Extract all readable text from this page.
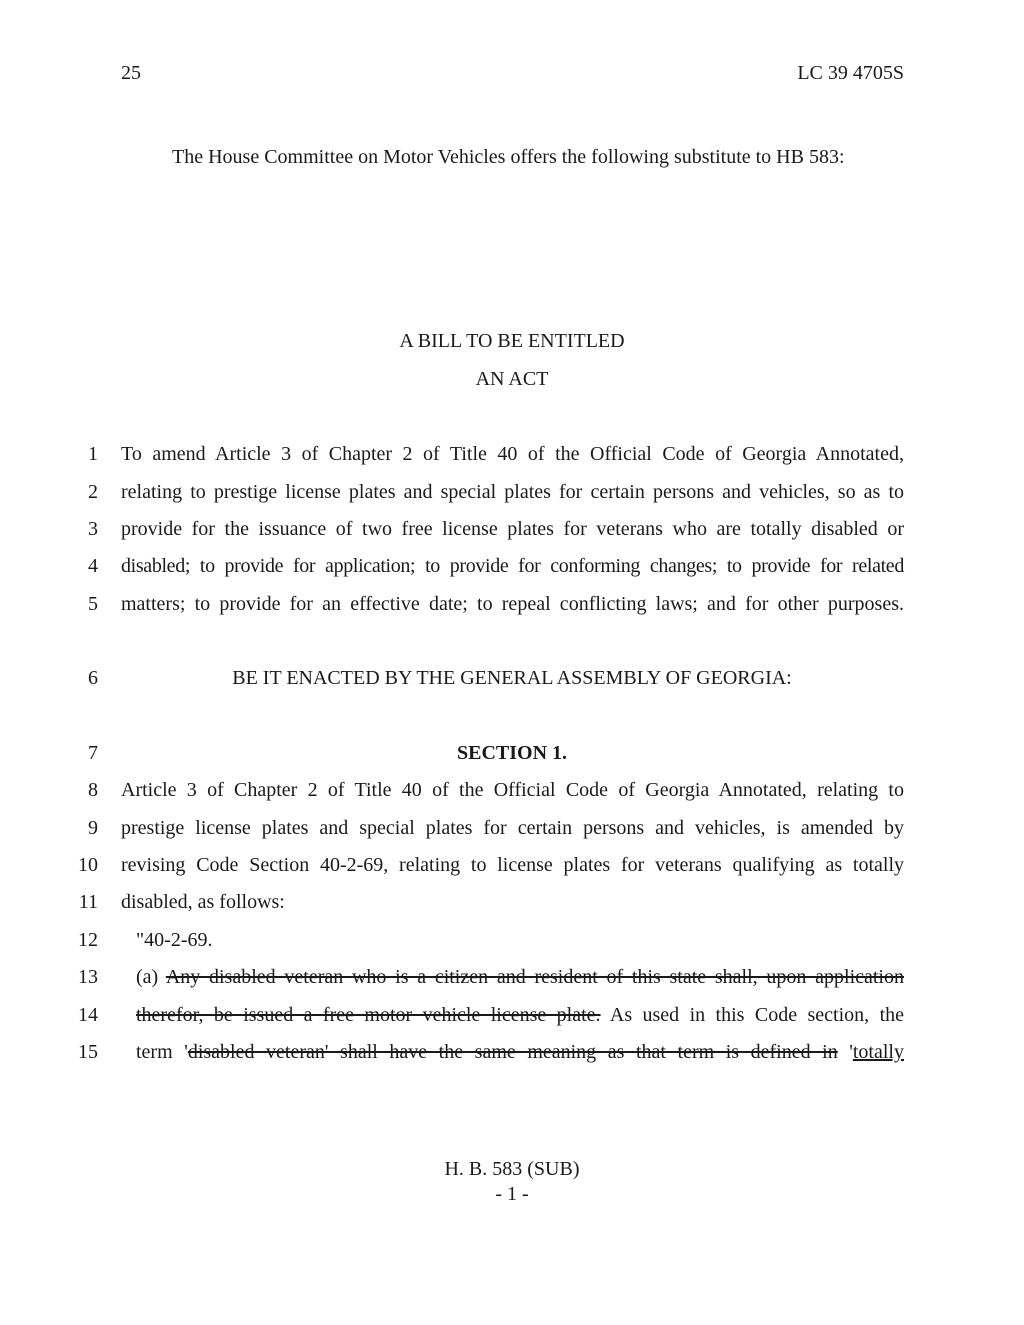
25	LC 39 4705S
The House Committee on Motor Vehicles offers the following substitute to HB 583:
A BILL TO BE ENTITLED
AN ACT
1 To amend Article 3 of Chapter 2 of Title 40 of the Official Code of Georgia Annotated,
2 relating to prestige license plates and special plates for certain persons and vehicles, so as to
3 provide for the issuance of two free license plates for veterans who are totally disabled or
4 disabled; to provide for application; to provide for conforming changes; to provide for related
5 matters; to provide for an effective date; to repeal conflicting laws; and for other purposes.
6	BE IT ENACTED BY THE GENERAL ASSEMBLY OF GEORGIA:
7	SECTION 1.
8 Article 3 of Chapter 2 of Title 40 of the Official Code of Georgia Annotated, relating to
9 prestige license plates and special plates for certain persons and vehicles, is amended by
10 revising Code Section 40-2-69, relating to license plates for veterans qualifying as totally
11 disabled, as follows:
12 "40-2-69.
13 (a) Any disabled veteran who is a citizen and resident of this state shall, upon application
14 therefor, be issued a free motor vehicle license plate. As used in this Code section, the
15 term 'disabled veteran' shall have the same meaning as that term is defined in 'totally
H. B. 583 (SUB)
- 1 -
